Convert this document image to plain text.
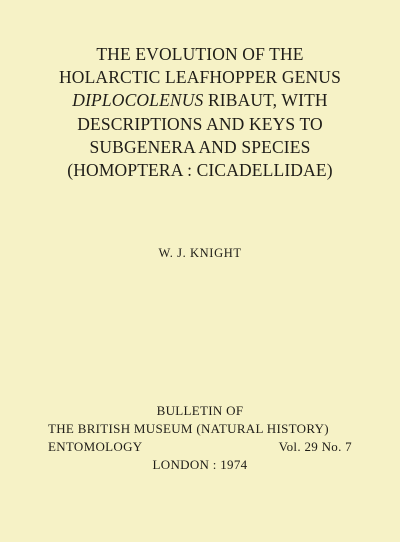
THE EVOLUTION OF THE
HOLARCTIC LEAFHOPPER GENUS
DIPLOCOLENUS RIBAUT, WITH
DESCRIPTIONS AND KEYS TO
SUBGENERA AND SPECIES
(HOMOPTERA : CICADELLIDAE)

W. J. KNIGHT

BULLETIN OF
THE BRITISH MUSEUM (NATURAL HISTORY)
ENTOMOLOGY	Vol. 29 No. 7
LONDON : 1974
